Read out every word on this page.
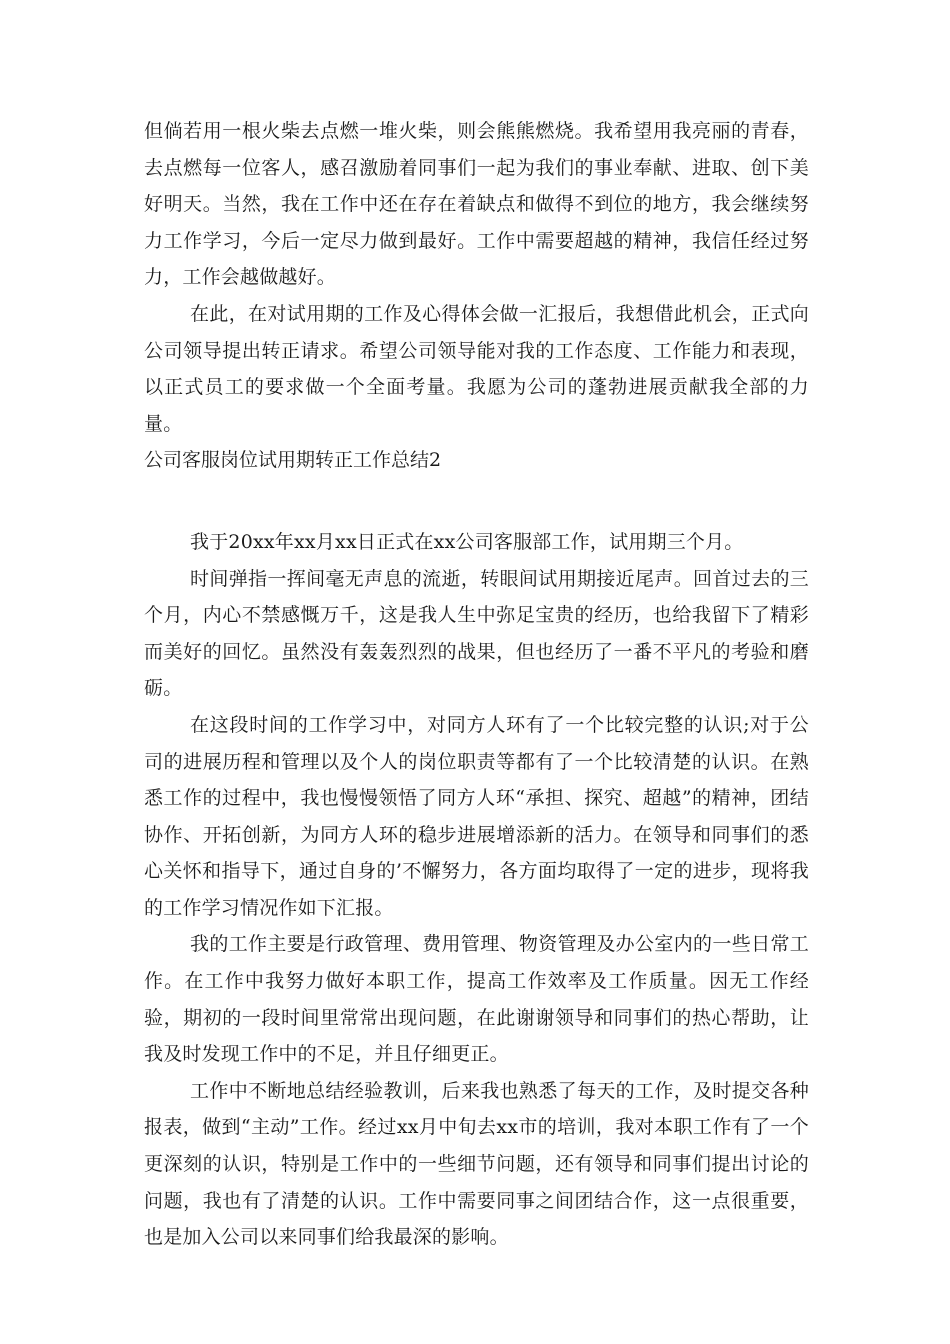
但倘若用一根火柴去点燃一堆火柴，则会熊熊燃烧。我希望用我亮丽的青春，去点燃每一位客人，感召激励着同事们一起为我们的事业奉献、进取、创下美好明天。当然，我在工作中还在存在着缺点和做得不到位的地方，我会继续努力工作学习，今后一定尽力做到最好。工作中需要超越的精神，我信任经过努力，工作会越做越好。

在此，在对试用期的工作及心得体会做一汇报后，我想借此机会，正式向公司领导提出转正请求。希望公司领导能对我的工作态度、工作能力和表现，以正式员工的要求做一个全面考量。我愿为公司的蓬勃进展贡献我全部的力量。

公司客服岗位试用期转正工作总结2

我于20xx年xx月xx日正式在xx公司客服部工作，试用期三个月。

时间弹指一挥间毫无声息的流逝，转眼间试用期接近尾声。回首过去的三个月，内心不禁感慨万千，这是我人生中弥足宝贵的经历，也给我留下了精彩而美好的回忆。虽然没有轰轰烈烈的战果，但也经历了一番不平凡的考验和磨砺。

在这段时间的工作学习中，对同方人环有了一个比较完整的认识;对于公司的进展历程和管理以及个人的岗位职责等都有了一个比较清楚的认识。在熟悉工作的过程中，我也慢慢领悟了同方人环“承担、探究、超越”的精神，团结协作、开拓创新，为同方人环的稳步进展增添新的活力。在领导和同事们的悉心关怀和指导下，通过自身的’不懈努力，各方面均取得了一定的进步，现将我的工作学习情况作如下汇报。

我的工作主要是行政管理、费用管理、物资管理及办公室内的一些日常工作。在工作中我努力做好本职工作，提高工作效率及工作质量。因无工作经验，期初的一段时间里常常出现问题，在此谢谢领导和同事们的热心帮助，让我及时发现工作中的不足，并且仔细更正。

工作中不断地总结经验教训，后来我也熟悉了每天的工作，及时提交各种报表，做到“主动”工作。经过xx月中旬去xx市的培训，我对本职工作有了一个更深刻的认识，特别是工作中的一些细节问题，还有领导和同事们提出讨论的问题，我也有了清楚的认识。工作中需要同事之间团结合作，这一点很重要，也是加入公司以来同事们给我最深的影响。
